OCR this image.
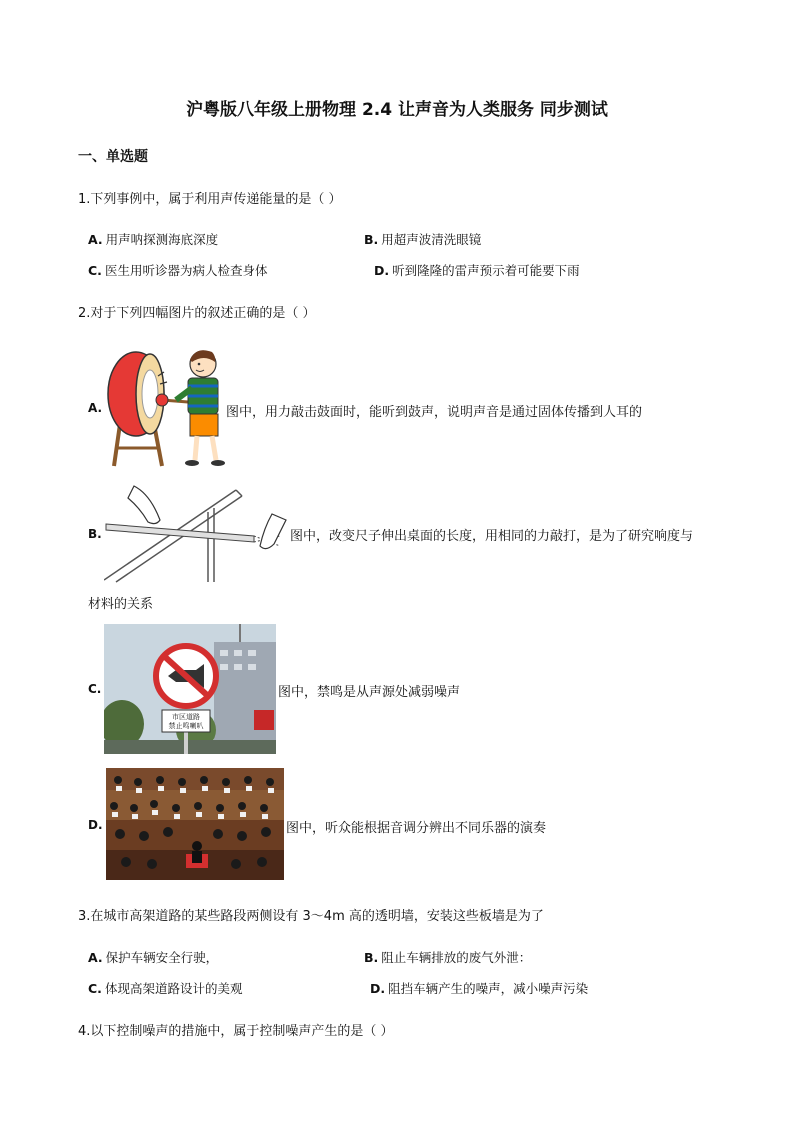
沪粤版八年级上册物理 2.4 让声音为人类服务 同步测试
一、单选题
1.下列事例中，属于利用声传递能量的是（ ）
A. 用声呐探测海底深度	B. 用超声波清洗眼镜
C. 医生用听诊器为病人检查身体	D. 听到隆隆的雷声预示着可能要下雨
2.对于下列四幅图片的叙述正确的是（ ）
A.	图中，用力敲击鼓面时，能听到鼓声，说明声音是通过固体传播到人耳的
B.	图中，改变尺子伸出桌面的长度，用相同的力敲打，是为了研究响度与
材料的关系
C.
市区道路
禁止鸣喇叭
图中，禁鸣是从声源处减弱噪声
D.	图中，听众能根据音调分辨出不同乐器的演奏
3.在城市高架道路的某些路段两侧设有 3～4m 高的透明墙，安装这些板墙是为了
A. 保护车辆安全行驶，	B. 阻止车辆排放的废气外泄：
C. 体现高架道路设计的美观	D. 阻挡车辆产生的噪声，减小噪声污染
4.以下控制噪声的措施中，属于控制噪声产生的是（ ）
